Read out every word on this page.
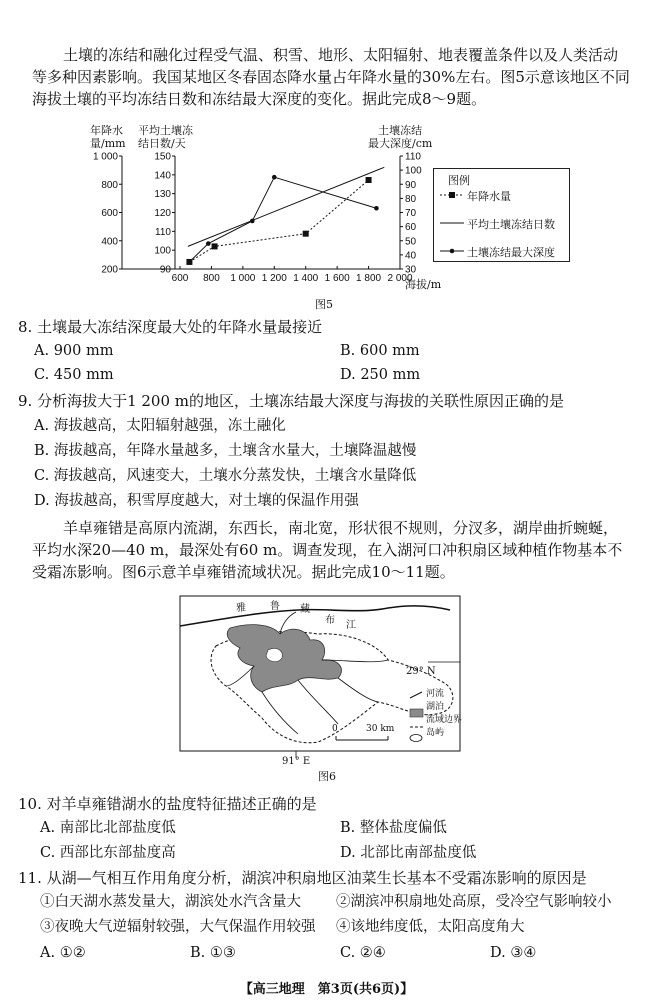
土壤的冻结和融化过程受气温、积雪、地形、太阳辐射、地表覆盖条件以及人类活动等多种因素影响。我国某地区冬春固态降水量占年降水量的30%左右。图5示意该地区不同海拔土壤的平均冻结日数和冻结最大深度的变化。据此完成8～9题。
年降水
量/mm
平均土壤冻
结日数/天
土壤冻结
最大深度/cm
200
400
600
800
1 000
90
100
110
120
130
140
150
30
40
50
60
70
80
90
100
110
600 800 1 000 1 200 1 400 1 600 1 800 2 000
图例
年降水量
平均土壤冻结日数
土壤冻结最大深度
海拔/m
图5
8. 土壤最大冻结深度最大处的年降水量最接近
A. 900 mm	B. 600 mm
C. 450 mm	D. 250 mm
9. 分析海拔大于1 200 m的地区，土壤冻结最大深度与海拔的关联性原因正确的是
A. 海拔越高，太阳辐射越强，冻土融化
B. 海拔越高，年降水量越多，土壤含水量大，土壤降温越慢
C. 海拔越高，风速变大，土壤水分蒸发快，土壤含水量降低
D. 海拔越高，积雪厚度越大，对土壤的保温作用强
羊卓雍错是高原内流湖，东西长，南北宽，形状很不规则，分汊多，湖岸曲折蜿蜒，平均水深20—40 m，最深处有60 m。调查发现，在入湖河口冲积扇区域种植作物基本不受霜冻影响。图6示意羊卓雍错流域状况。据此完成10～11题。
雅 鲁 藏
布 江
29° N
91° E
0	30 km
河流
湖泊
流域边界
岛屿
图6
10. 对羊卓雍错湖水的盐度特征描述正确的是
A. 南部比北部盐度低	B. 整体盐度偏低
C. 西部比东部盐度高	D. 北部比南部盐度低
11. 从湖—气相互作用角度分析，湖滨冲积扇地区油菜生长基本不受霜冻影响的原因是
①白天湖水蒸发量大，湖滨处水汽含量大 ②湖滨冲积扇地处高原，受冷空气影响较小
③夜晚大气逆辐射较强，大气保温作用较强 ④该地纬度低，太阳高度角大
A. ①②	B. ①③	C. ②④	D. ③④
【高三地理　第3页(共6页)】
